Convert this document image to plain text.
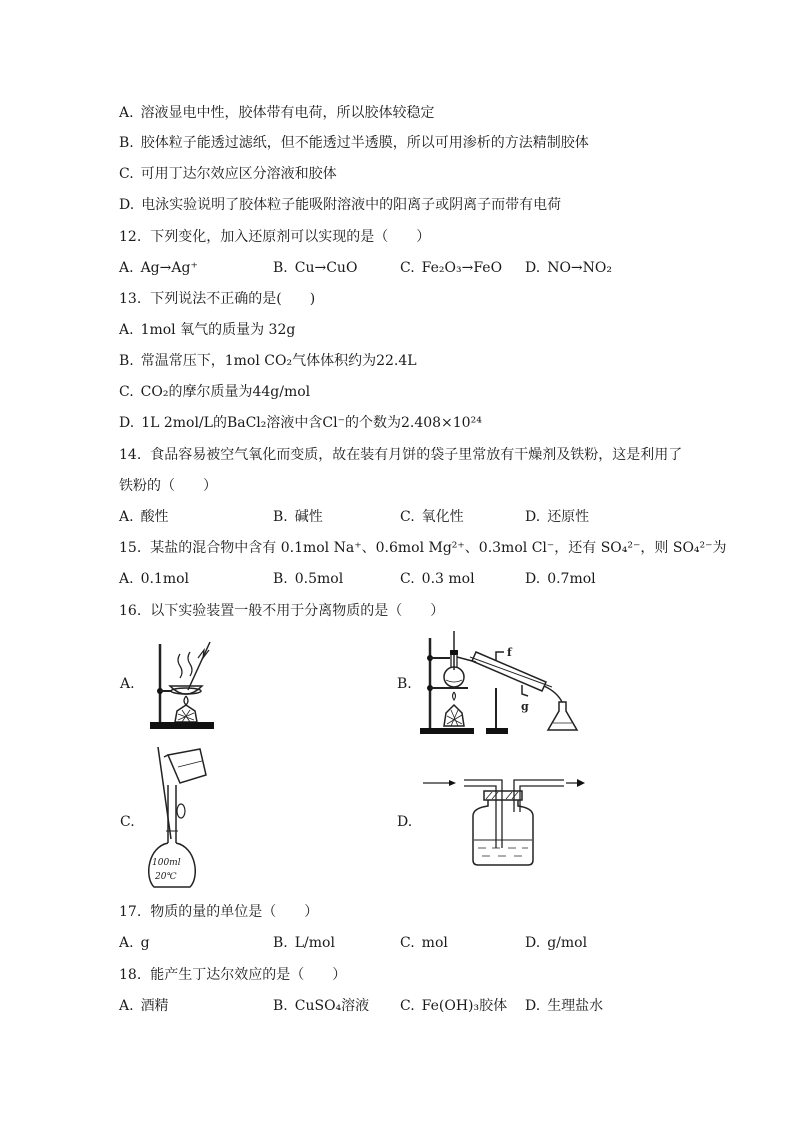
A. 溶液显电中性，胶体带有电荷，所以胶体较稳定
B. 胶体粒子能透过滤纸，但不能透过半透膜，所以可用渗析的方法精制胶体
C. 可用丁达尔效应区分溶液和胶体
D. 电泳实验说明了胶体粒子能吸附溶液中的阳离子或阴离子而带有电荷
12. 下列变化，加入还原剂可以实现的是（　　）
A. Ag→Ag⁺	B. Cu→CuO	C. Fe₂O₃→FeO D. NO→NO₂
13. 下列说法不正确的是(　　)
A. 1mol 氧气的质量为 32g
B. 常温常压下，1mol CO₂气体体积约为22.4L
C. CO₂的摩尔质量为44g/mol
D. 1L 2mol/L的BaCl₂溶液中含Cl⁻的个数为2.408×10²⁴
14. 食品容易被空气氧化而变质，故在装有月饼的袋子里常放有干燥剂及铁粉，这是利用了
铁粉的（　　）
A. 酸性	B. 碱性	C. 氧化性	D. 还原性
15. 某盐的混合物中含有 0.1mol Na⁺、0.6mol Mg²⁺、0.3mol Cl⁻，还有 SO₄²⁻，则 SO₄²⁻为
A. 0.1mol	B. 0.5mol	C. 0.3 mol	D. 0.7mol
16. 以下实验装置一般不用于分离物质的是（　　）
A.	B.
f
g
C.
100ml
20℃
D.
17. 物质的量的单位是（　　）
A. g	B. L/mol	C. mol	D. g/mol
18. 能产生丁达尔效应的是（　　）
A. 酒精	B. CuSO₄溶液 C. Fe(OH)₃胶体 D. 生理盐水
